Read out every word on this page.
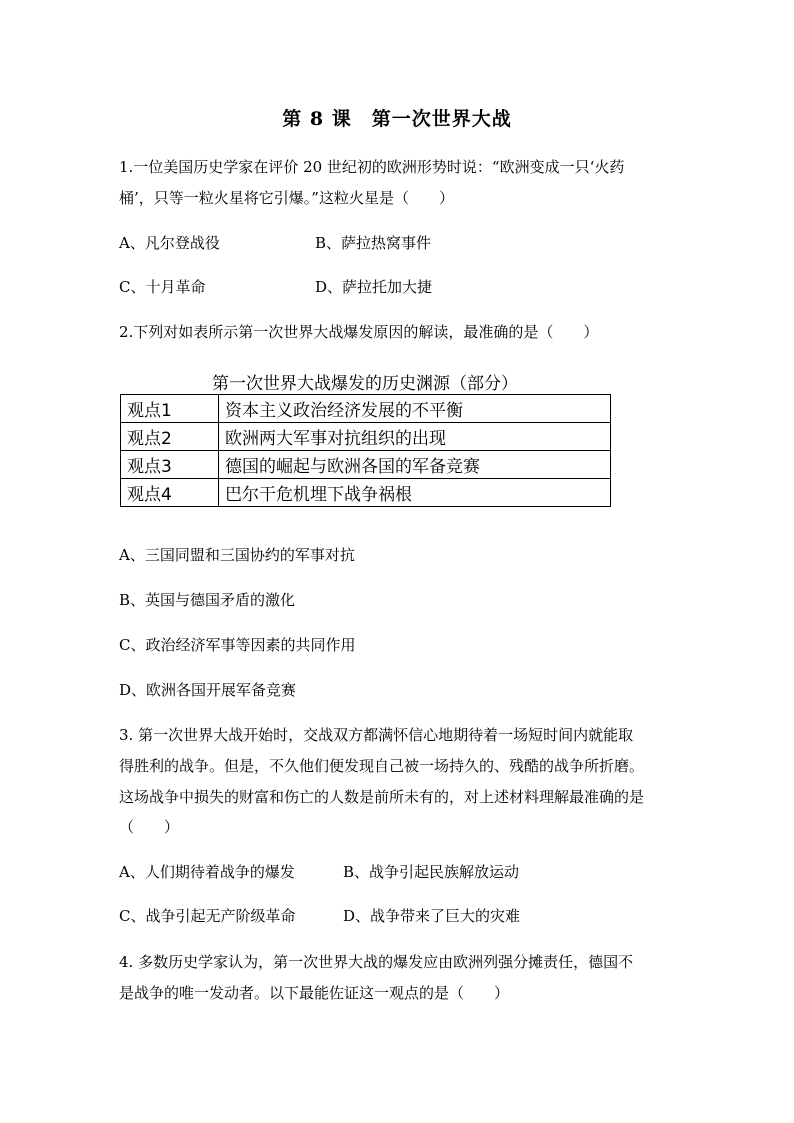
第 8 课　第一次世界大战
1.一位美国历史学家在评价 20 世纪初的欧洲形势时说：“欧洲变成一只‘火药
桶’，只等一粒火星将它引爆。”这粒火星是（　　）
A、凡尔登战役	B、萨拉热窝事件
C、十月革命	D、萨拉托加大捷
2.下列对如表所示第一次世界大战爆发原因的解读，最准确的是（　　）
第一次世界大战爆发的历史渊源（部分）
观点1	资本主义政治经济发展的不平衡
观点2	欧洲两大军事对抗组织的出现
观点3	德国的崛起与欧洲各国的军备竞赛
观点4	巴尔干危机埋下战争祸根
A、三国同盟和三国协约的军事对抗
B、英国与德国矛盾的激化
C、政治经济军事等因素的共同作用
D、欧洲各国开展军备竞赛
3. 第一次世界大战开始时，交战双方都满怀信心地期待着一场短时间内就能取
得胜利的战争。但是，不久他们便发现自己被一场持久的、残酷的战争所折磨。
这场战争中损失的财富和伤亡的人数是前所未有的，对上述材料理解最准确的是
（　　）
A、人们期待着战争的爆发	B、战争引起民族解放运动
C、战争引起无产阶级革命	D、战争带来了巨大的灾难
4. 多数历史学家认为，第一次世界大战的爆发应由欧洲列强分摊责任，德国不
是战争的唯一发动者。以下最能佐证这一观点的是（　　）
